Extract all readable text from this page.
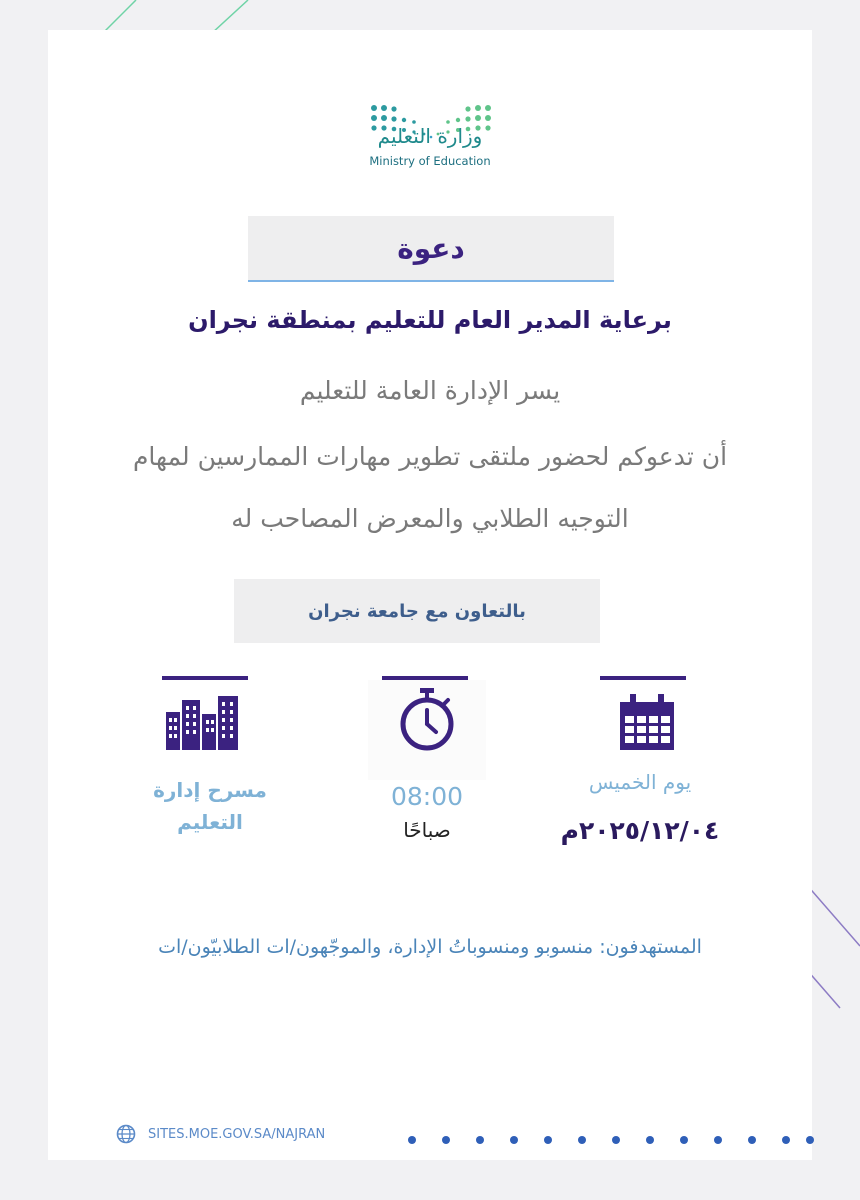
وزارة التعليم
Ministry of Education
دعوة
برعاية المدير العام للتعليم بمنطقة نجران
يسر الإدارة العامة للتعليم
أن تدعوكم لحضور ملتقى تطوير مهارات الممارسين لمهام
التوجيه الطلابي والمعرض المصاحب له
بالتعاون مع جامعة نجران
مسرح إدارة
التعليم
08:00
صباحًا
يوم الخميس
٢٠٢٥/١٢/٠٤م
المستهدفون: منسوبو ومنسوباتُ الإدارة، والموجّهون/ات الطلابيّون/ات
SITES.MOE.GOV.SA/NAJRAN
